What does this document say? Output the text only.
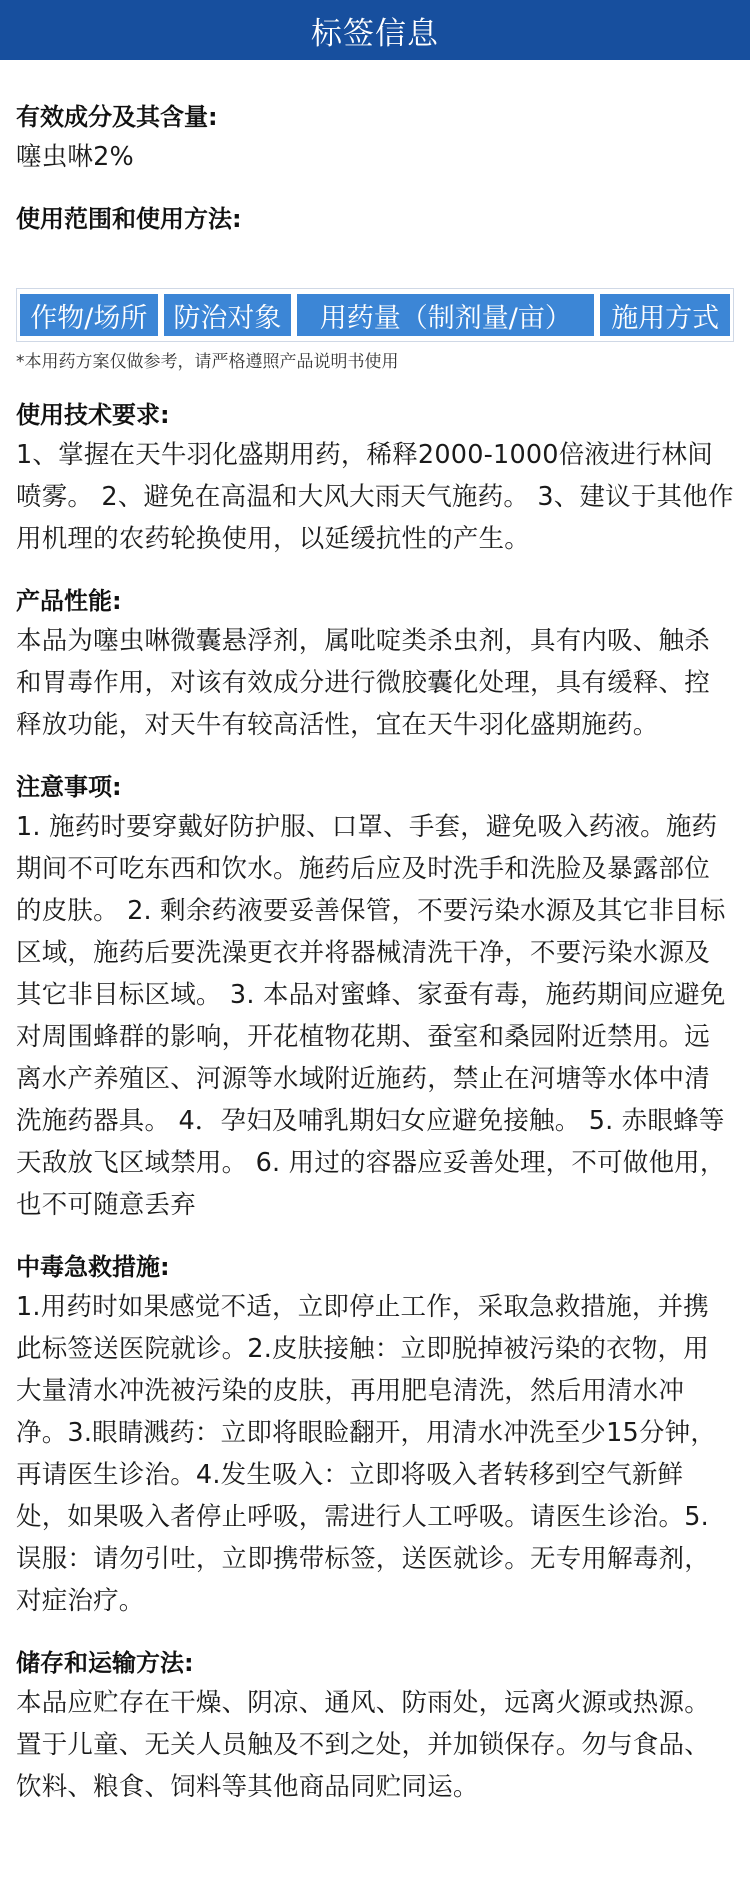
标签信息
有效成分及其含量:
噻虫啉2%
使用范围和使用方法:
作物/场所 防治对象	用药量（制剂量/亩）	施用方式
*本用药方案仅做参考，请严格遵照产品说明书使用
使用技术要求:
1、掌握在天牛羽化盛期用药，稀释2000-1000倍液进行林间喷雾。 2、避免在高温和大风大雨天气施药。 3、建议于其他作用机理的农药轮换使用，以延缓抗性的产生。
产品性能:
本品为噻虫啉微囊悬浮剂，属吡啶类杀虫剂，具有内吸、触杀和胃毒作用，对该有效成分进行微胶囊化处理，具有缓释、控释放功能，对天牛有较高活性，宜在天牛羽化盛期施药。
注意事项:
1. 施药时要穿戴好防护服、口罩、手套，避免吸入药液。施药期间不可吃东西和饮水。施药后应及时洗手和洗脸及暴露部位的皮肤。 2. 剩余药液要妥善保管，不要污染水源及其它非目标区域，施药后要洗澡更衣并将器械清洗干净，不要污染水源及其它非目标区域。 3. 本品对蜜蜂、家蚕有毒，施药期间应避免对周围蜂群的影响，开花植物花期、蚕室和桑园附近禁用。远离水产养殖区、河源等水域附近施药，禁止在河塘等水体中清洗施药器具。 4．孕妇及哺乳期妇女应避免接触。 5. 赤眼蜂等天敌放飞区域禁用。 6. 用过的容器应妥善处理，不可做他用，也不可随意丢弃
中毒急救措施:
1.用药时如果感觉不适，立即停止工作，采取急救措施，并携此标签送医院就诊。2.皮肤接触：立即脱掉被污染的衣物，用大量清水冲洗被污染的皮肤，再用肥皂清洗，然后用清水冲净。3.眼睛溅药：立即将眼睑翻开，用清水冲洗至少15分钟，再请医生诊治。4.发生吸入：立即将吸入者转移到空气新鲜处，如果吸入者停止呼吸，需进行人工呼吸。请医生诊治。5.误服：请勿引吐，立即携带标签，送医就诊。无专用解毒剂，对症治疗。
储存和运输方法:
本品应贮存在干燥、阴凉、通风、防雨处，远离火源或热源。置于儿童、无关人员触及不到之处，并加锁保存。勿与食品、饮料、粮食、饲料等其他商品同贮同运。
